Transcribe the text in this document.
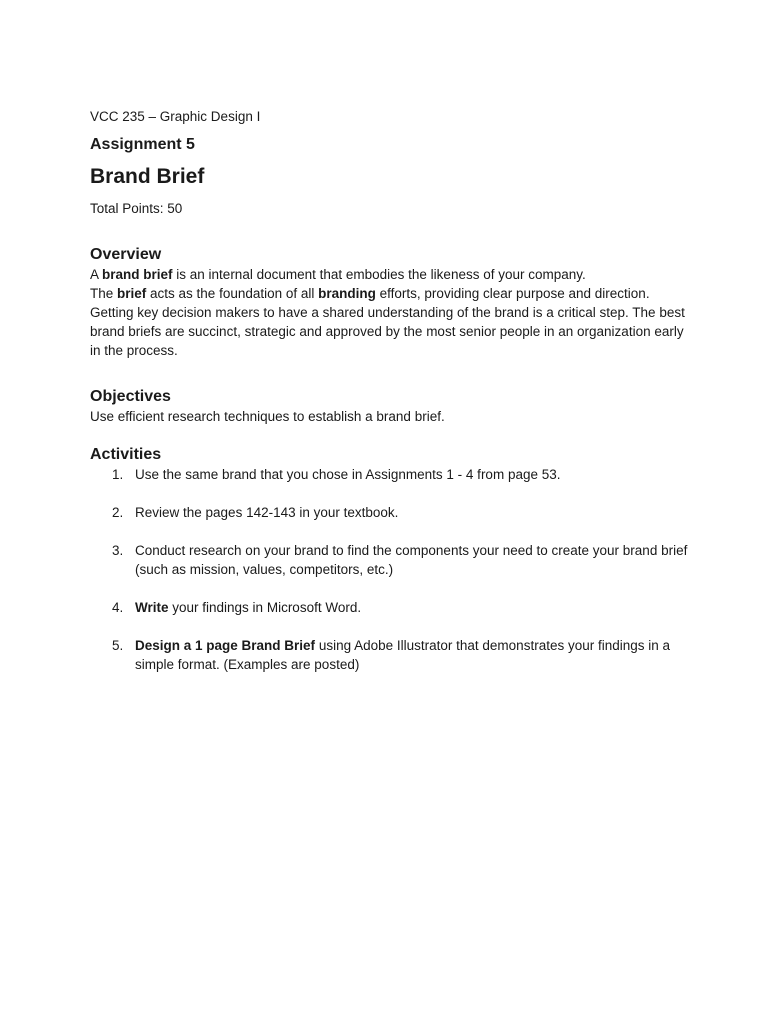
VCC 235 – Graphic Design I

Assignment 5

Brand Brief

Total Points: 50

Overview

A brand brief is an internal document that embodies the likeness of your company.

The brief acts as the foundation of all branding efforts, providing clear purpose and direction.
Getting key decision makers to have a shared understanding of the brand is a critical step. The best brand briefs are succinct, strategic and approved by the most senior people in an organization early in the process.

Objectives

Use efficient research techniques to establish a brand brief.

Activities

1. Use the same brand that you chose in Assignments 1 - 4 from page 53.
2. Review the pages 142-143 in your textbook.
3. Conduct research on your brand to find the components your need to create your brand brief (such as mission, values, competitors, etc.)
4. Write your findings in Microsoft Word.
5. Design a 1 page Brand Brief using Adobe Illustrator that demonstrates your findings in a simple format. (Examples are posted)
